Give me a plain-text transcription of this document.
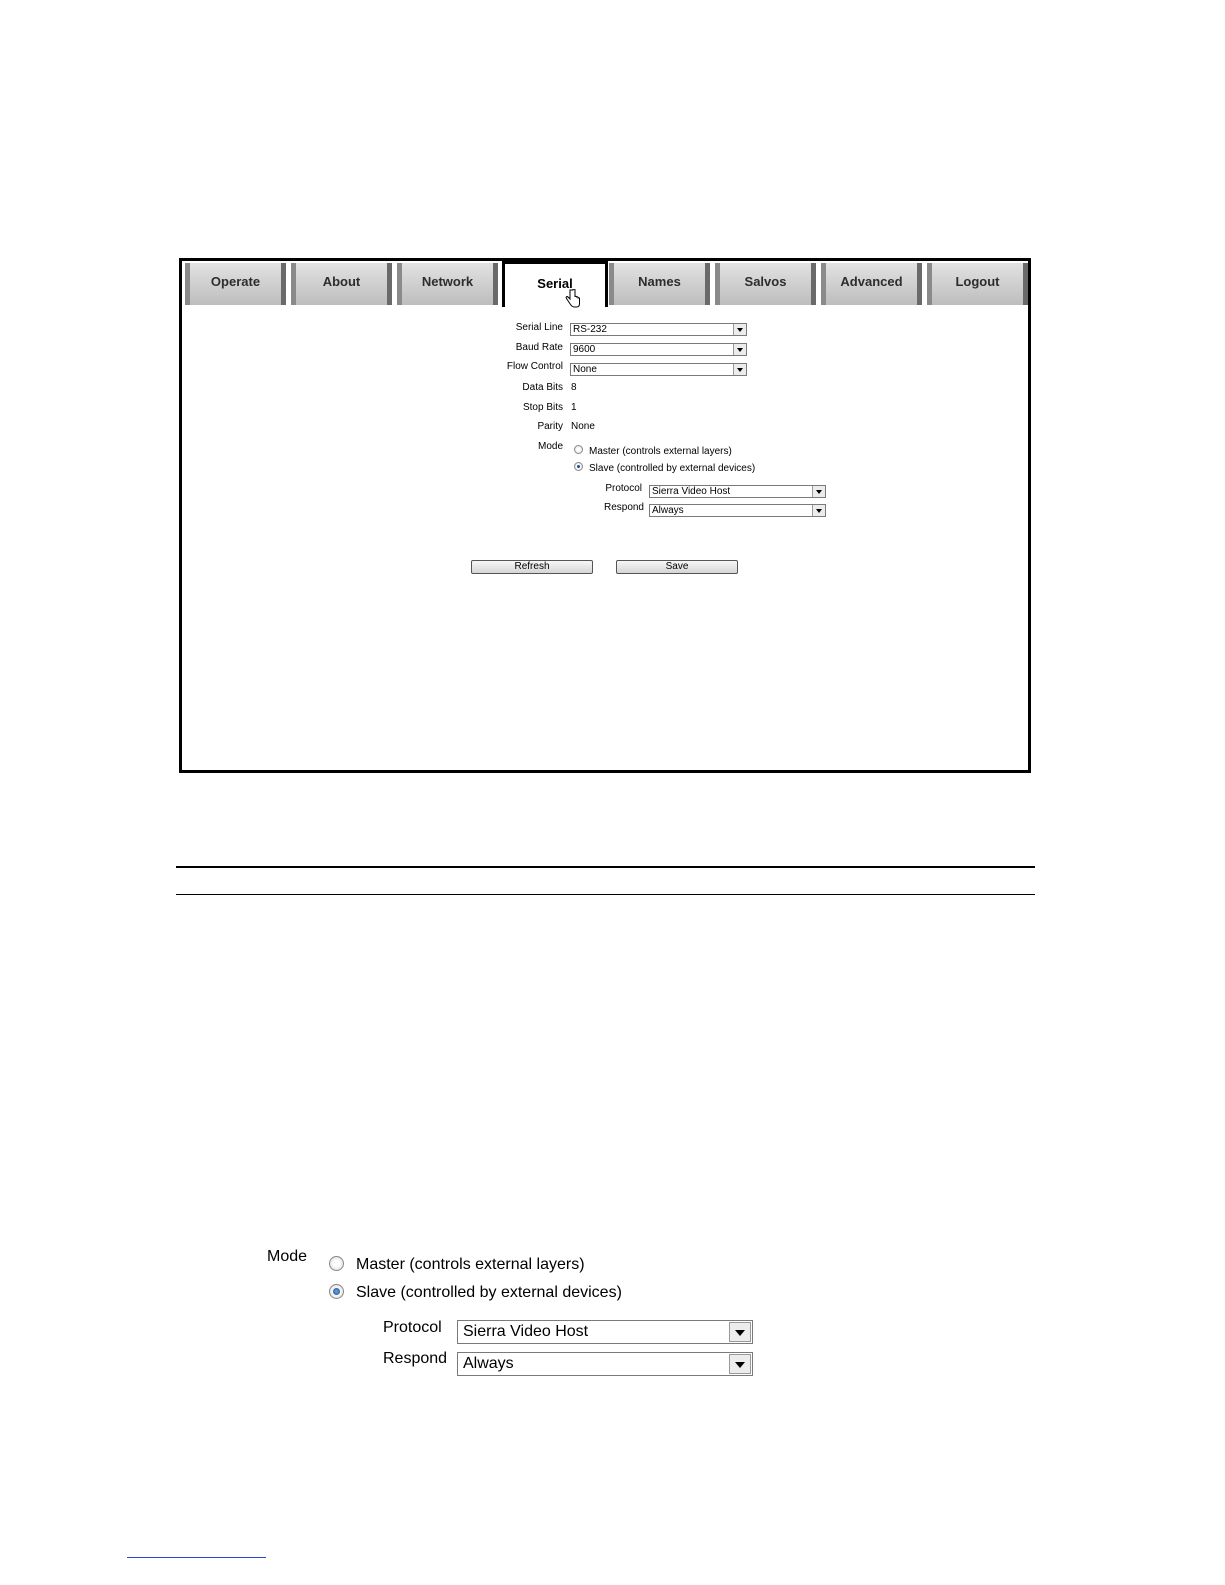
Operate	About	Network	Serial	Names	Salvos	Advanced	Logout
Serial Line	RS-232
Baud Rate	9600
Flow Control	None
Data Bits 8
Stop Bits 1
Parity None
Mode	Master (controls external layers)
Slave (controlled by external devices)
Protocol	Sierra Video Host
Respond Always
Refresh	Save
Mode	Master (controls external layers)
Slave (controlled by external devices)
Protocol	Sierra Video Host
Respond Always
